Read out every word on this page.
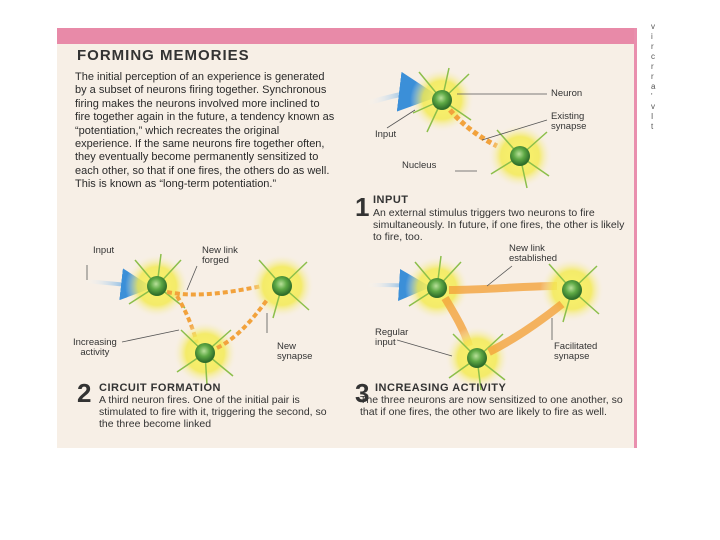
FORMING MEMORIES
The initial perception of an experience is generated by a subset of neurons firing together. Synchronous firing makes the neurons involved more inclined to fire together again in the future, a tendency known as “potentiation,” which recreates the original experience. If the same neurons fire together often, they eventually become permanently sensitized to each other, so that if one fires, the others do as well. This is known as “long-term potentiation.”
Neuron
Existing
synapse
Input
Nucleus
1 INPUT
An external stimulus triggers two neurons to fire simultaneously. In future, if one fires, the other is likely to fire, too.
Input	New link
forged
Increasing
activity
New
synapse
2 CIRCUIT FORMATION
A third neuron fires. One of the initial pair is stimulated to fire with it, triggering the second, so the three become linked
New link
established
Regular
input	Facilitated
synapse
3 INCREASING ACTIVITY
The three neurons are now sensitized to one another, so that if one fires, the other two are likely to fire as well.
v
i
r
c
r
r
a
'
v
I
t
